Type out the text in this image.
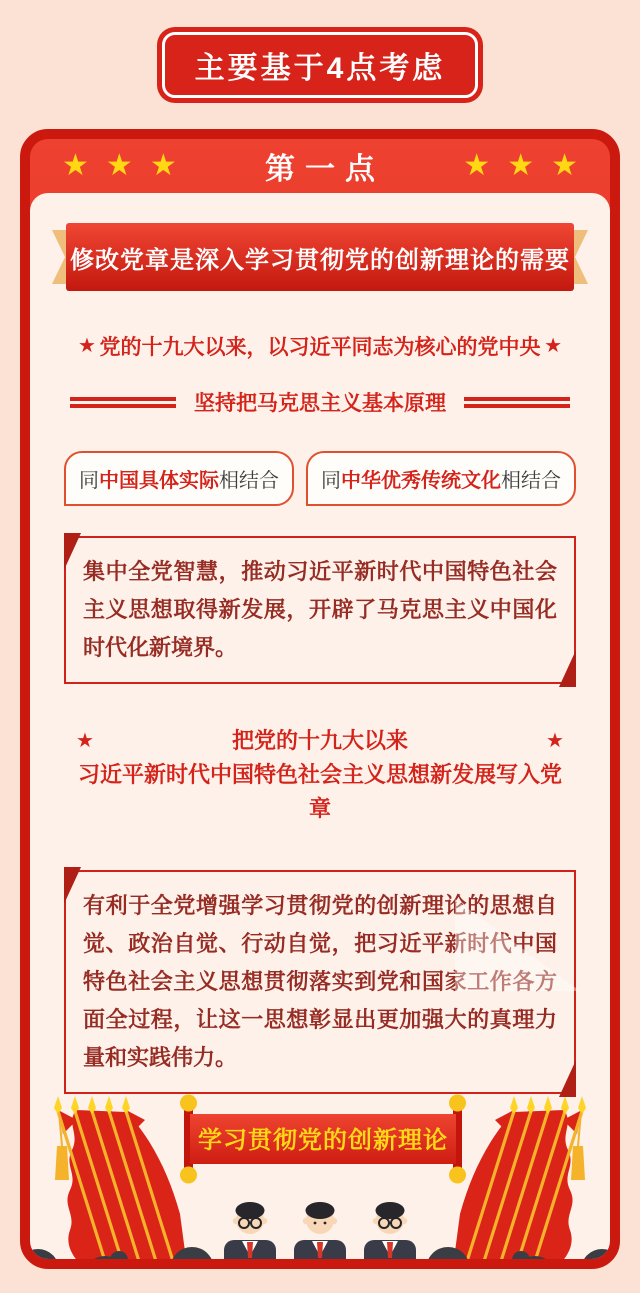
主要基于4点考虑
★ ★ ★	第一点	★ ★ ★
修改党章是深入学习贯彻党的创新理论的需要
★ 党的十九大以来，以习近平同志为核心的党中央 ★
坚持把马克思主义基本原理
同中国具体实际相结合	同中华优秀传统文化相结合
集中全党智慧，推动习近平新时代中国特色社会主义思想取得新发展，开辟了马克思主义中国化时代化新境界。
★	把党的十九大以来	★
习近平新时代中国特色社会主义思想新发展写入党章
有利于全党增强学习贯彻党的创新理论的思想自觉、政治自觉、行动自觉，把习近平新时代中国特色社会主义思想贯彻落实到党和国家工作各方面全过程，让这一思想彰显出更加强大的真理力量和实践伟力。
学习贯彻党的创新理论
